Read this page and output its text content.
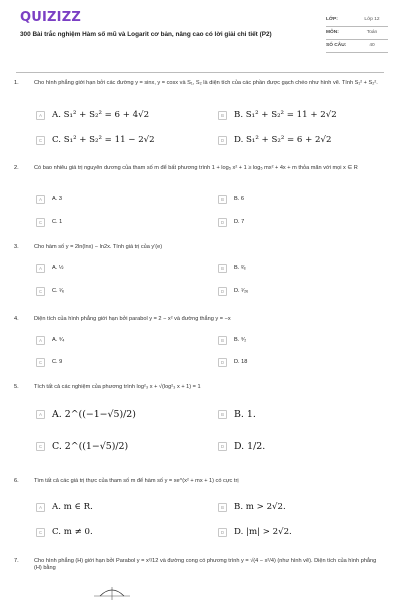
QUIZIZZ
300 Bài trắc nghiệm Hàm số mũ và Logarit cơ bản, nâng cao có lời giải chi tiết (P2)
LỚP:	Lớp 12
MÔN:	Toán
SỐ CÂU:	40
1.	Cho hình phẳng giới hạn bởi các đường y = sinx, y = cosx và S₁, S₂ là diện tích của các phần được gạch chéo như hình vẽ. Tính S₁² + S₂².
A	A. S₁² + S₂² = 6 + 4√2	B	B. S₁² + S₂² = 11 + 2√2
C	C. S₁² + S₂² = 11 − 2√2	D	D. S₁² + S₂² = 6 + 2√2
2.	Có bao nhiêu giá trị nguyên dương của tham số m để bất phương trình 1 + log₅ x² + 1 ≥ log₅ mx² + 4x + m thỏa mãn với mọi x ∈ R
A	A. 3	B	B. 6
C	C. 1	D	D. 7
3.	Cho hàm số y = 2ln(lnx) − ln2x. Tính giá trị của y′(e)
A	A. ½	B	B. ²⁄ₑ
C	C. ¹⁄ₑ	D	D. ¹⁄₂ₑ
4.	Diện tích của hình phẳng giới hạn bởi parabol y = 2 − x² và đường thẳng y = −x
A	A. ⁹⁄₄	B	B. ⁹⁄₂
C	C. 9	D	D. 18
5.	Tích tất cả các nghiệm của phương trình log²₃ x + √(log²₃ x + 1) = 1
A	A. 2^((−1−√5)/2)	B	B. 1.
C	C. 2^((1−√5)/2)	D	D. 1/2.
6.	Tìm tất cả các giá trị thực của tham số m để hàm số y = xe^(x² + mx + 1) có cực trị
A	A. m ∈ R.	B	B. m > 2√2.
C	C. m ≠ 0.	D	D. |m| > 2√2.
7.	Cho hình phẳng (H) giới hạn bởi Parabol y = x²/12 và đường cong có phương trình y = √(4 − x²/4) (như hình vẽ). Diện tích của hình phẳng (H) bằng
